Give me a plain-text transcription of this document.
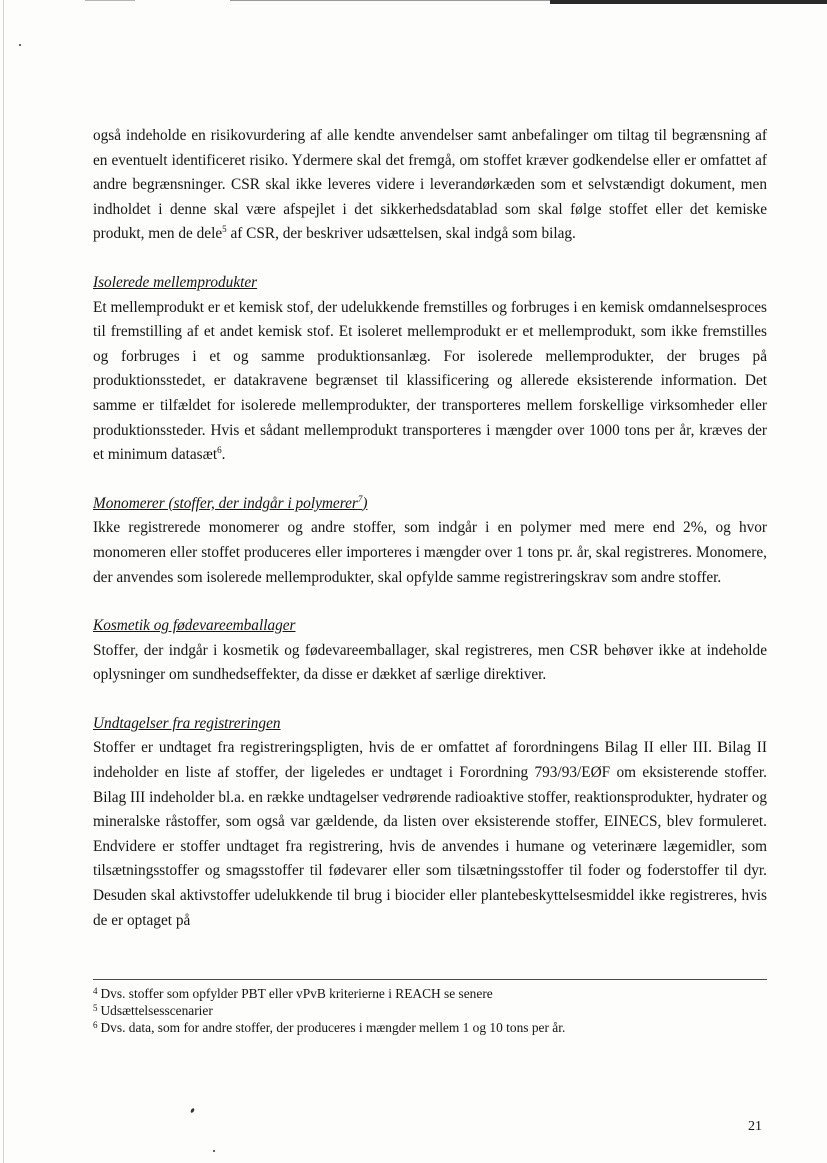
også indeholde en risikovurdering af alle kendte anvendelser samt anbefalinger om tiltag til begrænsning af en eventuelt identificeret risiko. Ydermere skal det fremgå, om stoffet kræver godkendelse eller er omfattet af andre begrænsninger. CSR skal ikke leveres videre i leverandørkæden som et selvstændigt dokument, men indholdet i denne skal være afspejlet i det sikkerhedsdatablad som skal følge stoffet eller det kemiske produkt, men de dele$^5$ af CSR, der beskriver udsættelsen, skal indgå som bilag.

Isolerede mellemprodukter

Et mellemprodukt er et kemisk stof, der udelukkende fremstilles og forbruges i en kemisk omdannelsesproces til fremstilling af et andet kemisk stof. Et isoleret mellemprodukt er et mellemprodukt, som ikke fremstilles og forbruges i et og samme produktionsanlæg. For isolerede mellemprodukter, der bruges på produktionsstedet, er datakravene begrænset til klassificering og allerede eksisterende information. Det samme er tilfældet for isolerede mellemprodukter, der transporteres mellem forskellige virksomheder eller produktionssteder. Hvis et sådant mellemprodukt transporteres i mængder over 1000 tons per år, kræves der et minimum datasæt$^6$.

Monomerer (stoffer, der indgår i polymerer$^7$)

Ikke registrerede monomerer og andre stoffer, som indgår i en polymer med mere end 2%, og hvor monomeren eller stoffet produceres eller importeres i mængder over 1 tons pr. år, skal registreres. Monomere, der anvendes som isolerede mellemprodukter, skal opfylde samme registreringskrav som andre stoffer.

Kosmetik og fødevareemballager

Stoffer, der indgår i kosmetik og fødevareemballager, skal registreres, men CSR behøver ikke at indeholde oplysninger om sundhedseffekter, da disse er dækket af særlige direktiver.

Undtagelser fra registreringen

Stoffer er undtaget fra registreringspligten, hvis de er omfattet af forordningens Bilag II eller III. Bilag II indeholder en liste af stoffer, der ligeledes er undtaget i Forordning 793/93/EØF om eksisterende stoffer. Bilag III indeholder bl.a. en række undtagelser vedrørende radioaktive stoffer, reaktionsprodukter, hydrater og mineralske råstoffer, som også var gældende, da listen over eksisterende stoffer, EINECS, blev formuleret. Endvidere er stoffer undtaget fra registrering, hvis de anvendes i humane og veterinære lægemidler, som tilsætningsstoffer og smagsstoffer til fødevarer eller som tilsætningsstoffer til foder og foderstoffer til dyr. Desuden skal aktivstoffer udelukkende til brug i biocider eller plantebeskyttelsesmiddel ikke registreres, hvis de er optaget på

$^4$ Dvs. stoffer som opfylder PBT eller vPvB kriterierne i REACH se senere
$^5$ Udsættelsesscenarier
$^6$ Dvs. data, som for andre stoffer, der produceres i mængder mellem 1 og 10 tons per år.
21
